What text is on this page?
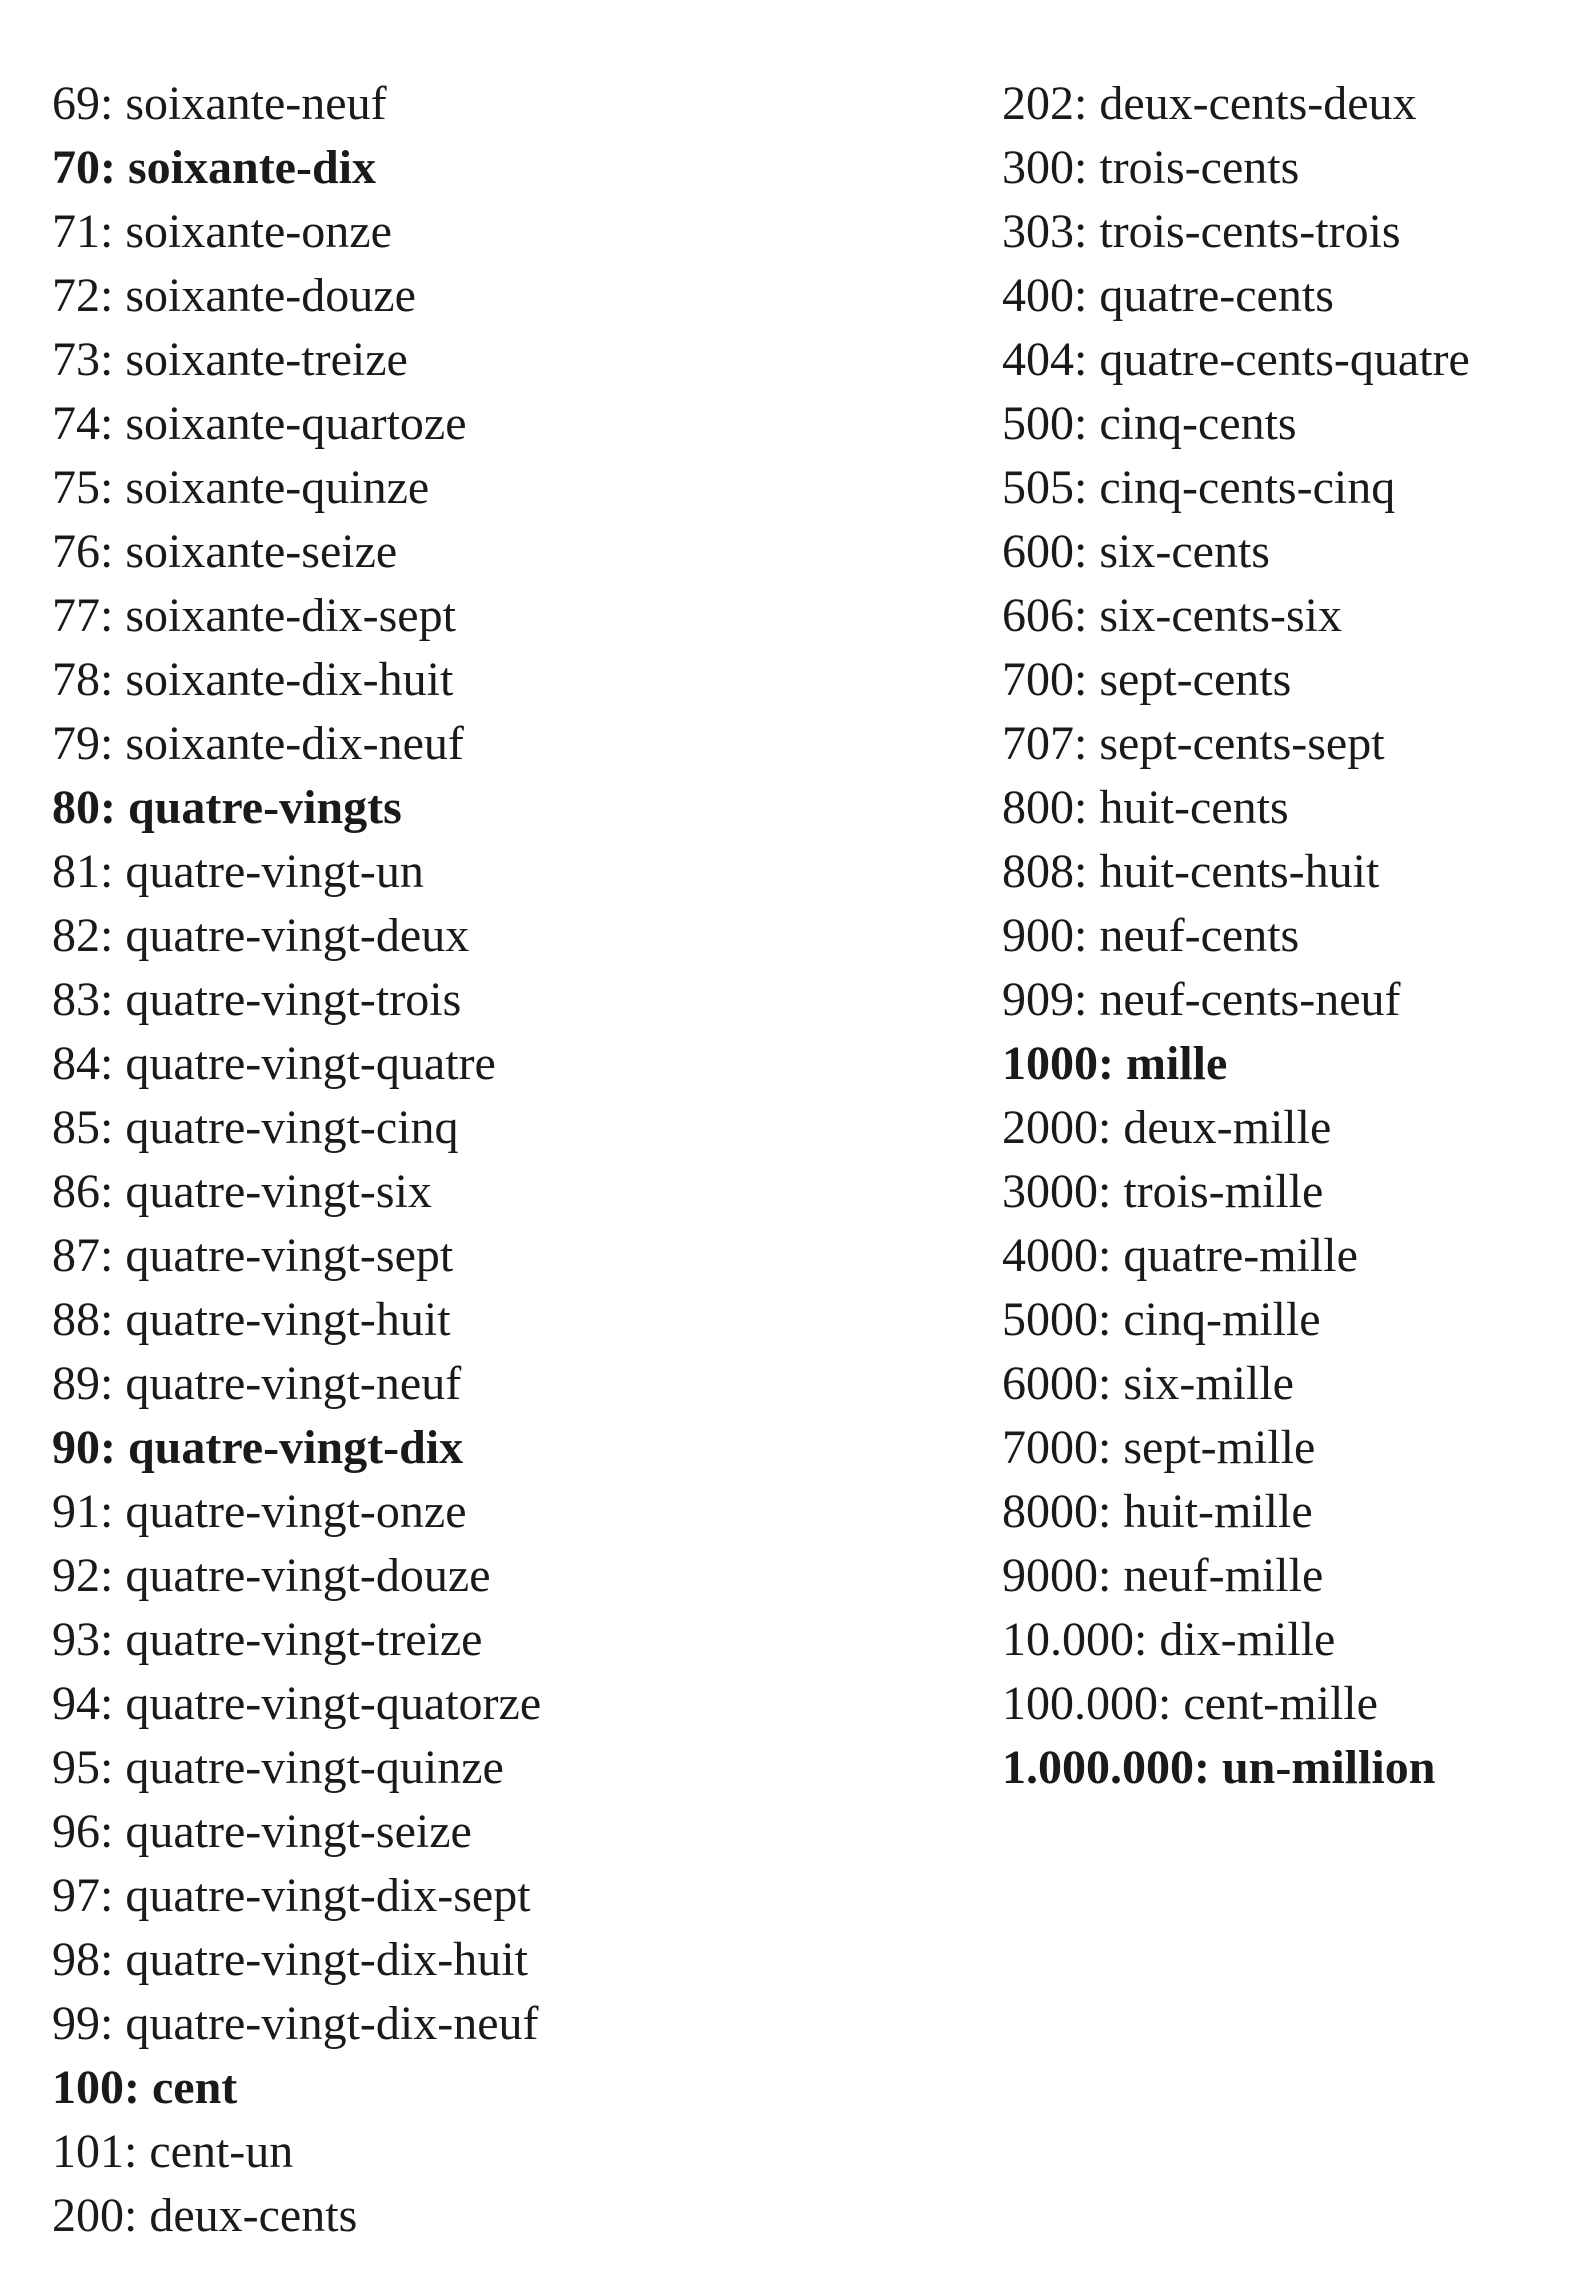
69: soixante-neuf
70: soixante-dix
71: soixante-onze
72: soixante-douze
73: soixante-treize
74: soixante-quartoze
75: soixante-quinze
76: soixante-seize
77: soixante-dix-sept
78: soixante-dix-huit
79: soixante-dix-neuf
80: quatre-vingts
81: quatre-vingt-un
82: quatre-vingt-deux
83: quatre-vingt-trois
84: quatre-vingt-quatre
85: quatre-vingt-cinq
86: quatre-vingt-six
87: quatre-vingt-sept
88: quatre-vingt-huit
89: quatre-vingt-neuf
90: quatre-vingt-dix
91: quatre-vingt-onze
92: quatre-vingt-douze
93: quatre-vingt-treize
94: quatre-vingt-quatorze
95: quatre-vingt-quinze
96: quatre-vingt-seize
97: quatre-vingt-dix-sept
98: quatre-vingt-dix-huit
99: quatre-vingt-dix-neuf
100: cent
101: cent-un
200: deux-cents
202: deux-cents-deux
300: trois-cents
303: trois-cents-trois
400: quatre-cents
404: quatre-cents-quatre
500: cinq-cents
505: cinq-cents-cinq
600: six-cents
606: six-cents-six
700: sept-cents
707: sept-cents-sept
800: huit-cents
808: huit-cents-huit
900: neuf-cents
909: neuf-cents-neuf
1000: mille
2000: deux-mille
3000: trois-mille
4000: quatre-mille
5000: cinq-mille
6000: six-mille
7000: sept-mille
8000: huit-mille
9000: neuf-mille
10.000: dix-mille
100.000: cent-mille
1.000.000: un-million
